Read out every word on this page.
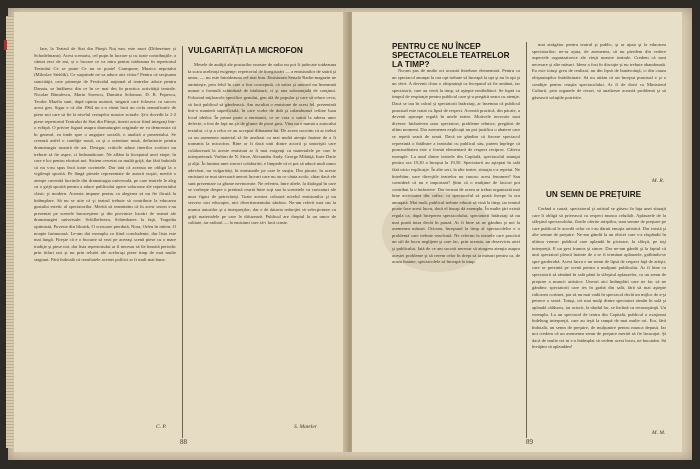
lare, la Teatrul de Stat din Piteşti Nuț ean, este mort (Döbereiner și Schodelmann). Acest scenariu, cel puţin în lucrare și cu toate contribuţiile, a cântat zeci de ani, și o lucrare ce va intra pentru totdeauna în repertoriul Teatrului Ce se poate Ce nu se poate! Crampone, Muzica nepotului (Miloslav Stehlik). Ce surprinde ne va aduce aici viitor? Pentru că secţiunea sanctităţii, care primeşte de Festivalul naţional al teatrelor aduce pentru Danaia, se întâlnesc din ce în ce mai des în practica activităţii teatrale. Nicolae Bănulescu, Marin Sorescu, Dumitru Solomon, D. R. Popescu, Teodor Mazilu sunt, după opinia noastră, singurii care folosesc cu succes acest gen. Sigur e că din 1964 nu s-a văzut încă un ciclu semnificativ de piese noi care să fie la nivelul cerinţelor noastre actuale. Şi-a dovedit la 1-2 piese repertoriul Teatrului de Stat din Piteşti, tinerii actori fiind integraţi într-o echipă. O privire fugară asupra dramaturgiei originale ne va demonstra că în general, ea tinde spre o angajare socială, o analiză a prezentului. Se creează astfel o condiţie nouă, ca şi o orientare nouă, definitorie pentru dramaturgia noastră de azi. Desigur, criticile aduse tinerilor scriitori nu trebuie să fie aspre, ci îndrumătoare. Ne aflăm la începutul unei etape, în care e loc pentru eforturi noi. Sistem cercetat cu multă grijă, dar fără îndoială că nu s-au spus încă toate cuvintele. Dar iată că aceasta ne obligă la o vigilenţă sporită. Pe lângă piesele reprezentate de autorii noştri, merită o atenţie cuvenită lucrările din dramaturgia universală, pe care teatrele le aleg cu o grijă sporită pentru a aduce publicului opere valoroase ale repertoriului clasic şi modern. Aceasta impune pentru ca alegerea să nu fie făcută la întâmplare. Să nu se uite că şi teatrul trebuie să contribuie la educarea gustului estetic al spectatorilor. Merită să reamintim că în acest sezon s-au prezentat pe scenele bucureştene şi din provincie lucrări de seamă ale dramaturgiei universale: Schillerbotea, Schimbarea la faţă, Tragedia optimistă, Poveste din Irkutsk, O scrisoare pierdută, Nora, Orfeu în infern, O noapte furtunoasă. Le-am dat exemplu ca fiind concludente, dar lista este mai lungă. Fireşte că e o bucurie să vezi pe aceeaşi scenă piese cu o mare tradiţie şi piese noi, dar lista repertoriului ar fi necesar să fie înnoită periodic prin titluri noi şi nu prin reluări ale aceloraşi piese timp de mai multe stagiuni. Fără îndoială că rezultatele acestei politici ar fi mult mai bune.

C. P.
VULGARITĂŢI LA MICROFON

Mesele de audiţii ale posturilor noastre de radio nu pot fi judecate totdeauna la scara aceleiaşi exigenţe; repertoriul de înregistrări — a emisiunilor de satiră şi umor, — nu este întotdeauna cel mai bun. Emisiunea Serială Radio-magazin ne aminteşte, prin felul în care a fost concepută, că satira şi umorul nu înseamnă numai o formulă schimbată de titulatură, ci şi una substanţială de conţinut. Folosind mijloacele specifice genului, gen ală de popular şi care să educe ceva, să facă publicul să gândească. Am ascultat o emisiune de acest fel, prezentată într-o manieră superficială, în care vorbe de duh şi calambururi ieftine luau locul ideilor. În prima parte a emisiunii, ce se voia o satiră la adresa unor defecte, a fost de fapt un şir de glume de prost gust. Vina nu e numai a autorului textului, ci şi a celor ce au acceptat difuzarea lui. De aceea socotim că ar trebui ca un asemenea material să fie analizat cu mai multă atenţie înainte de a fi transmis la microfon. Bine ar fi dacă unii dintre actorii şi umoriştii care colaborează la aceste emisiuni ar fi mai exigenţi cu materialele pe care le interpretează. Vorbim de N. Stroe, Alexandru Andy, George Mihăiţă, Iurie Darie şi alţii. În lumina unei sinceri colaborări, e limpede că ei pot să aducă mult umor adevărat, nu vulgarităţi, în emisiunile pe care le susţin. Din păcate, în aceste emisiuni se mai strecoară uneori lucruri care nu au ce căuta acolo, chiar dacă ele sunt prezentate ca glume nevinovate. Ne referim, între altele, la dialogul în care se vorbeşte despre o pretinsă ceartă între soţi sau la scenetele cu caricaturi ale unor figuri de petrecăreţi. Toate acestea coboară nivelul emisiunilor şi nu servesc nici educaţiei, nici divertismentului sănătos. Ne-am referit mai sus la munca autorilor şi a interpreţilor; dar e de datoria redacţiei să selecţioneze cu grijă materialele pe care le difuzează. Publicul are dreptul la un umor de calitate, iar radioul — la emisiuni care să-i facă cinste.

S. Mateler
88
PENTRU CE NU ÎNCEP SPECTACOLELE TEATRELOR LA TIMP?

Nu-am pus de multe ori această întrebare elementară. Pentru ca un spectacol anunţat la ora opt trebuie să înceapă la opt şi nu la opt şi un sfert. A devenit chiar o obişnuinţă ca începutul să fie amânat, iar spectatorii, care au venit la timp, să aştepte nerăbdători. Se luptă cu timpul de respiraţie pentru publicul care şi-a pregătit seara cu atenţie. Dacă se iau în calcul şi spectatorii întârziaţi, ar însemna că publicul punctual este tratat cu lipsă de respect. Această practică, din păcate, a devenit aproape regulă în unele teatre. Motivele invocate sunt diverse: întârzierea unor spectatori, probleme tehnice, pregătiri de ultim moment. Dar asemenea explicaţii nu pot justifica o abatere care se repetă seară de seară. Dacă ne gândim că fiecare spectacol reprezintă o întâlnire a teatrului cu publicul său, putem înţelege că punctualitatea este o formă elementară de respect reciproc. Câteva exemple. La unul dintre teatrele din Capitală, spectacolul anunţat pentru ora 19,30 a început la 19,50. Spectatorii au aşteptat în sală fără nicio explicaţie. În alte seri, la alte teatre, situaţia s-a repetat. Ne întrebăm: oare direcţiile teatrelor nu cunosc acest fenomen? Sau consideră că nu e important? Ştim că o mulţime de factori pot contribui la o întârziere. Dar tocmai de aceea ar trebui organizată mai bine activitatea din culise, ca spectacolul să poată începe la ora anunţată. Mai mult, publicul trebuie educat să vină la timp, iar teatrul poate face acest lucru, dacă el însuşi dă exemplu. În multe ţări există regula ca, după începerea spectacolului, spectatorii întârziaţi să nu mai poată intra decât în pauză. Ar fi bine să ne gândim şi noi la asemenea măsuri. Oricum, începutul la timp al spectacolelor e o problemă care trebuie rezolvată. Ne referim la teatrele care practică un stil de lucru neglijent şi care fac, prin aceasta, un deserviciu artei şi publicului. Iată de ce am socotit necesar să atragem atenţia asupra acestei probleme şi să cerem celor în drept să ia măsuri pentru ca, de acum înainte, spectacolele să înceapă la timp.

mai atrăgător pentru teatrul şi public, şi ar ajuta şi la educarea spectatorilor; ne-ar ajuta, de asemenea, să nu pierdem din vedere aspectele organizatorice ale vieţii noastre teatrale. Credem că sunt necesare şi alte măsuri. Ideea a fost în discuţie şi nu trebuie abandonată. Ea este totuşi greu de realizat, nu din lipsă de bunăvoinţă, ci din cauza obişnuinţelor înrădăcinate. Să nu uităm că un început punctual e şi o condiţie pentru reuşita spectacolului. Ar fi de dorit ca Ministerul Culturii, prin organele de resort, să analizeze această problemă şi să găsească soluţiile potrivite.

M. R.
UN SEMN DE PREŢUIRE

Cerând o cauză, spectatorul şi artistul se găsesc în faţa unei situaţii care îi obligă să privească cu respect munca celuilalt. Aplauzele de la sfârşitul spectacolului, florile oferite artiştilor, sunt semne de preţuire pe care publicul le acordă celor ce i-au dăruit emoţia artistică. Dar există şi alte semne de preţuire. Ne-am gândit la un obicei care s-a răspândit în ultima vreme: publicul care aplaudă în picioare, la sfârşit, pe toţi interpreţii. E un gest frumos şi sincer. Dar ne-am gândit şi la faptul că unii spectatori pleacă înainte de a se fi terminat aplauzele, grăbindu-se spre garderobă. Acest lucru e un semn de lipsă de respect faţă de artişti, care se prezintă pe scenă pentru a mulţumi publicului. Ar fi bine ca spectatorii să rămână în sală până la sfârşitul aplauzelor, ca un semn de preţuire a muncii artistice. Uneori aici întâmplări care ne fac să ne gândim: spectatorii care ies în grabă din sală, fără să mai aştepte ridicarea cortinei, par să nu mai vadă în spectacol decât un mijloc de a-şi petrece o seară. Totuşi, cei mai mulţi dintre spectatori rămân în sală şi aplaudă călduros, iar actorii, la rândul lor, se înclină cu recunoştinţă. Un exemplu. La un spectacol de teatru din Capitală, publicul a ovaţionat îndelung interpreţii, care au ieşit la rampă de mai multe ori. Era, fără îndoială, un semn de preţuire, de mulţumire pentru munca depusă. Iar noi credem că un asemenea semn de preţuire merită să fie încurajat. Şi dacă de multe ori ni s-a întâmplat să vedem acest lucru, ne bucurăm. Să învăţăm să aplaudăm!

M. M.
89
